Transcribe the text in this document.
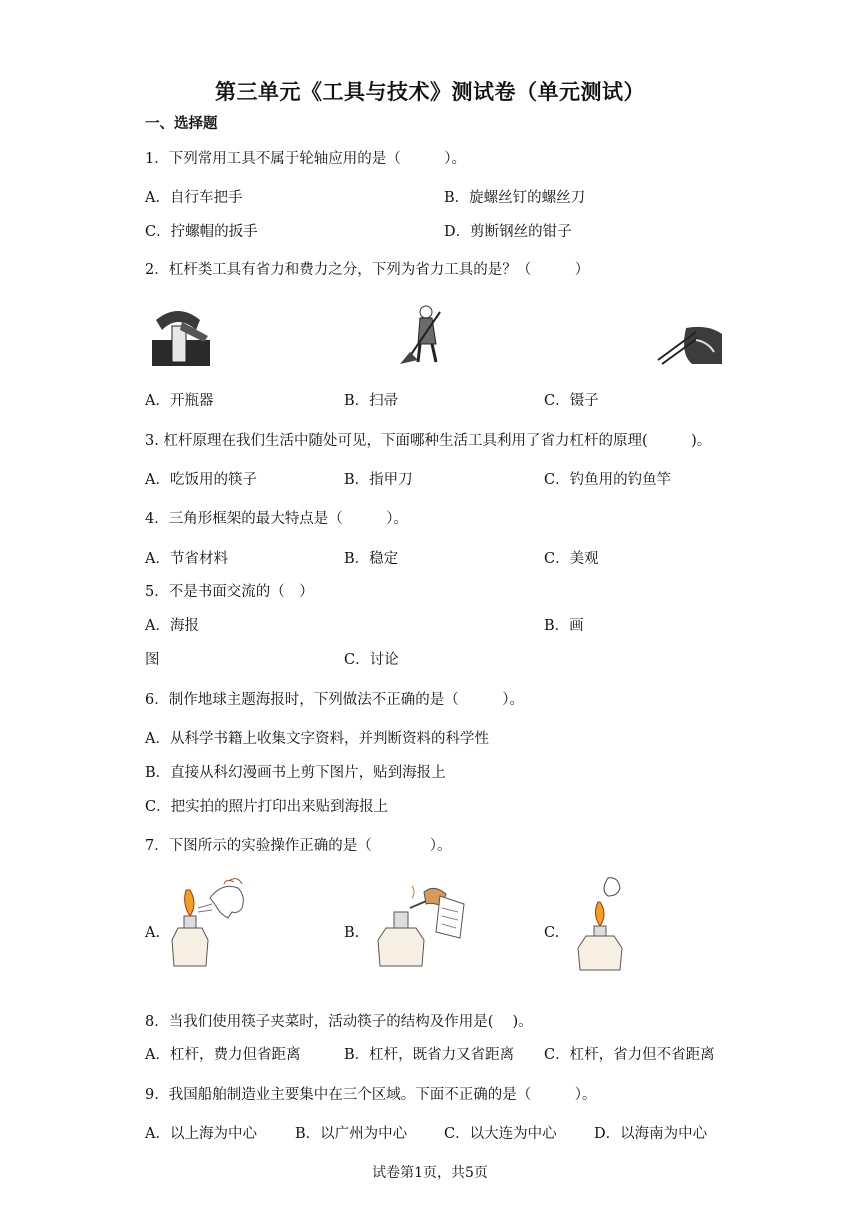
第三单元《工具与技术》测试卷（单元测试）
一、选择题
1．下列常用工具不属于轮轴应用的是（　　　）。
A．自行车把手	B．旋螺丝钉的螺丝刀
C．拧螺帽的扳手	D．剪断钢丝的钳子
2．杠杆类工具有省力和费力之分，下列为省力工具的是？（　　　）
A．开瓶器	B．扫帚	C．镊子
3. 杠杆原理在我们生活中随处可见，下面哪种生活工具利用了省力杠杆的原理(　　　)。
A．吃饭用的筷子	B．指甲刀	C．钓鱼用的钓鱼竿
4．三角形框架的最大特点是（　　　）。
A．节省材料	B．稳定	C．美观
5．不是书面交流的（　）
A．海报	B．画
图	C．讨论
6．制作地球主题海报时，下列做法不正确的是（　　　）。
A．从科学书籍上收集文字资料，并判断资料的科学性
B．直接从科幻漫画书上剪下图片，贴到海报上
C．把实拍的照片打印出来贴到海报上
7．下图所示的实验操作正确的是（　　　　）。
A.	B.	C.
8．当我们使用筷子夹菜时，活动筷子的结构及作用是(　 )。
A．杠杆，费力但省距离	B．杠杆，既省力又省距离 C．杠杆，省力但不省距离
9．我国船舶制造业主要集中在三个区域。下面不正确的是（　　　）。
A．以上海为中心	B．以广州为中心	C．以大连为中心	D．以海南为中心
试卷第1页，共5页
